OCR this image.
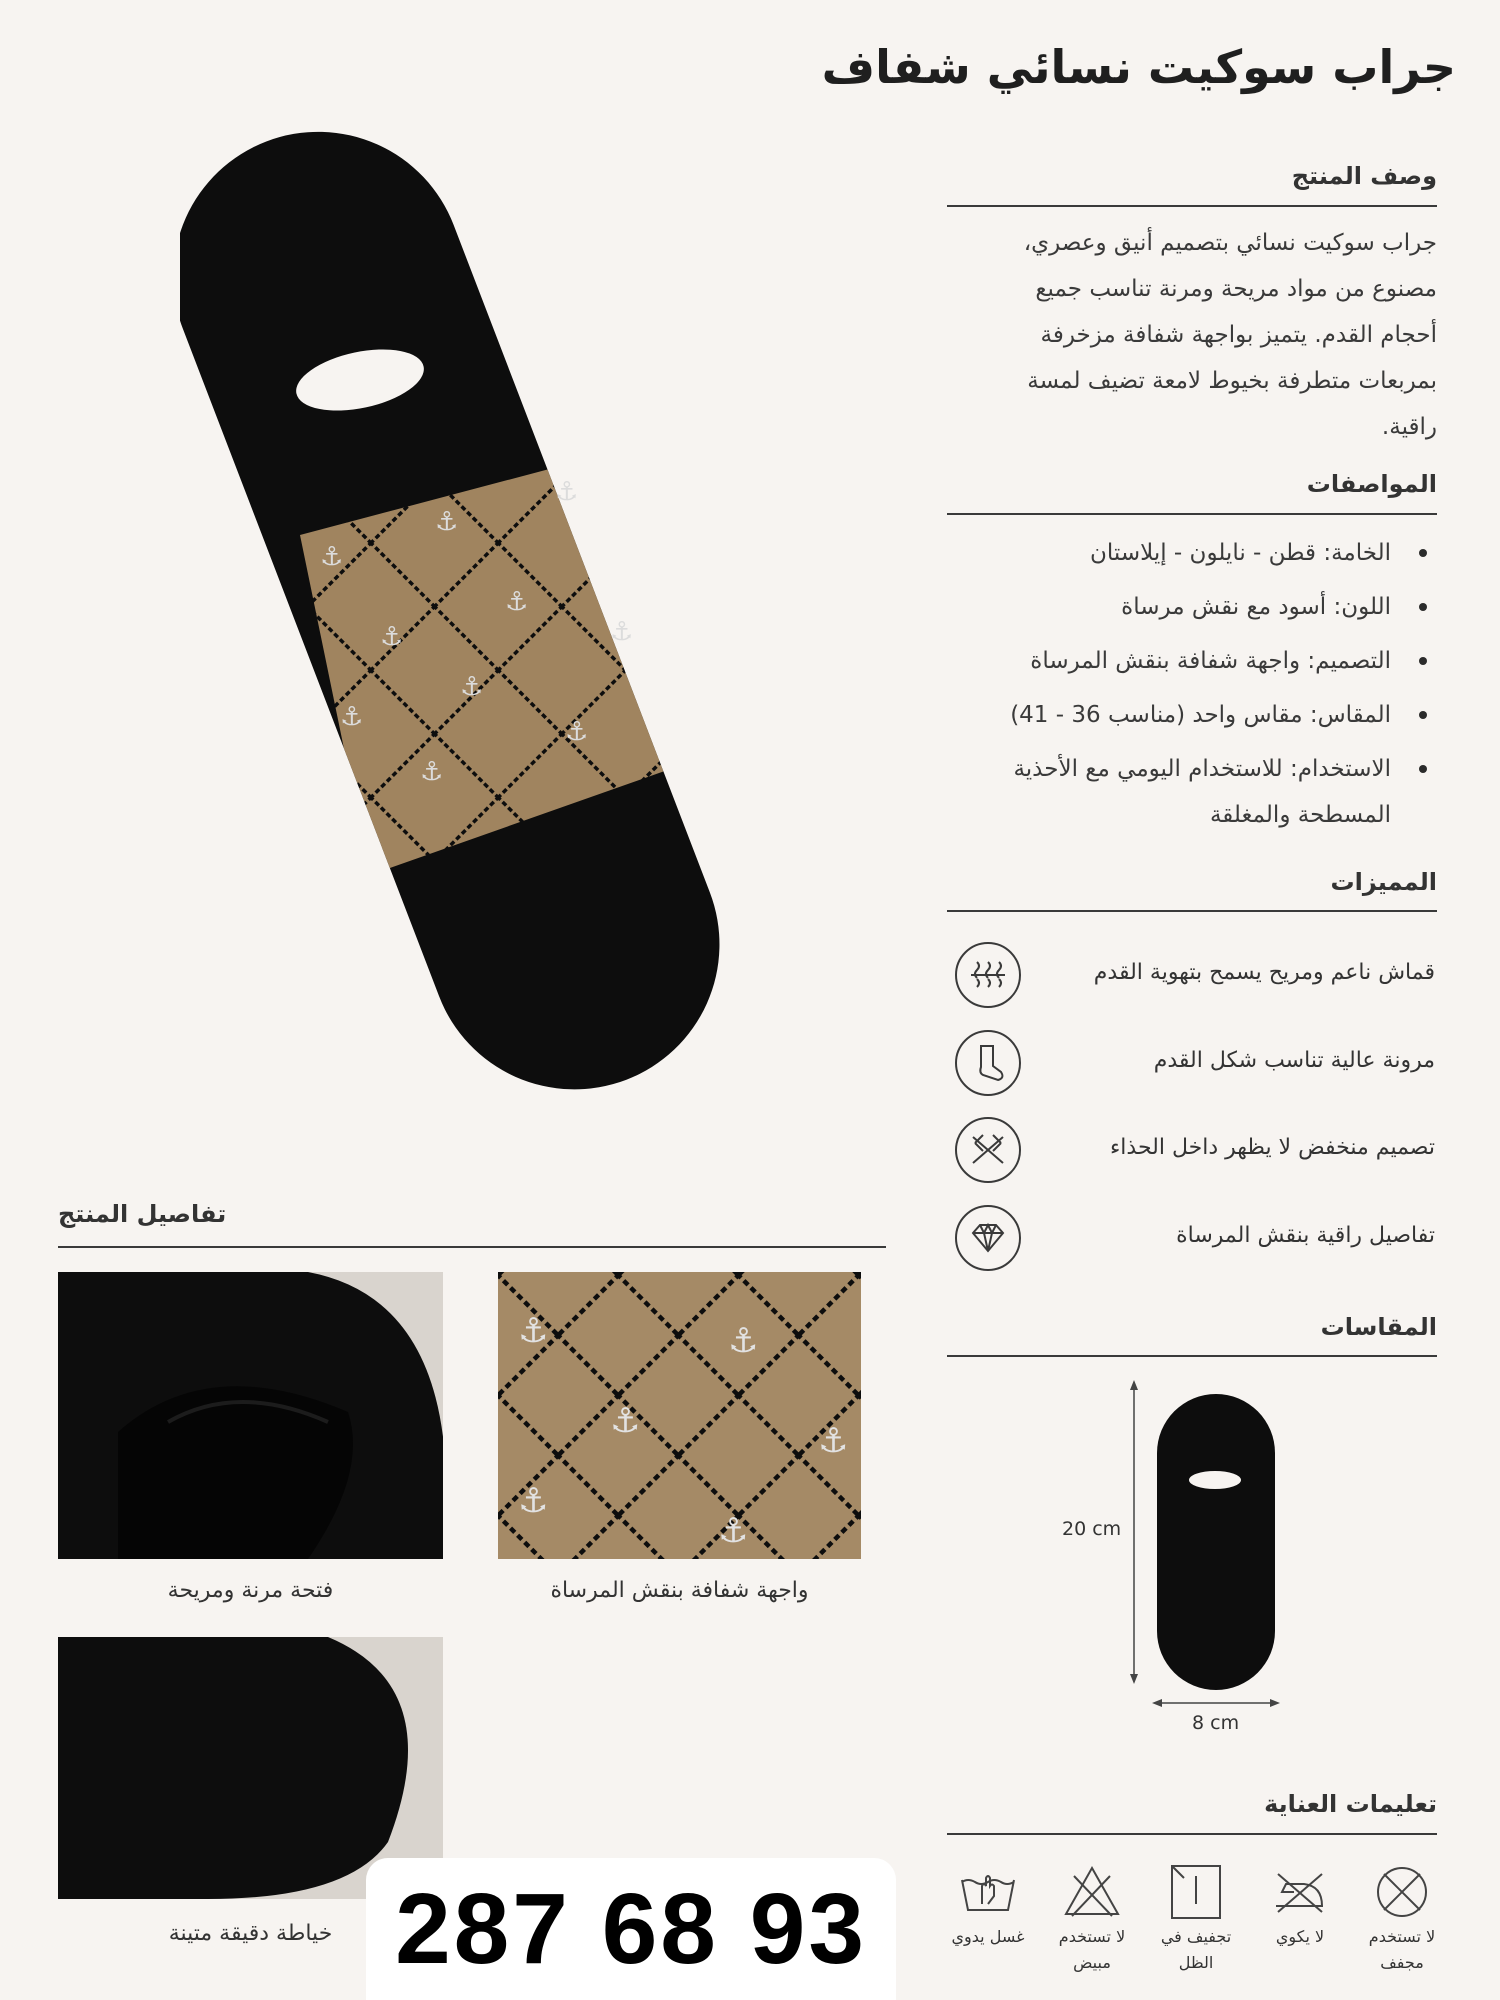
جراب سوكيت نسائي شفاف
⚓
⚓
⚓
⚓
⚓
⚓
⚓
⚓
⚓
⚓
وصف المنتج
جراب سوكيت نسائي بتصميم أنيق وعصري،
مصنوع من مواد مريحة ومرنة تناسب جميع
أحجام القدم. يتميز بواجهة شفافة مزخرفة
بمربعات متطرفة بخيوط لامعة تضيف لمسة
راقية.
المواصفات
الخامة: قطن - نايلون - إيلاستان
اللون: أسود مع نقش مرساة
التصميم: واجهة شفافة بنقش المرساة
المقاس: مقاس واحد (مناسب 36 - 41)
الاستخدام: للاستخدام اليومي مع الأحذية
المسطحة والمغلقة
المميزات
قماش ناعم ومريح يسمح بتهوية القدم
مرونة عالية تناسب شكل القدم
تصميم منخفض لا يظهر داخل الحذاء
تفاصيل راقية بنقش المرساة
المقاسات
20 cm
8 cm
تفاصيل المنتج
⚓	⚓
⚓	⚓
⚓
⚓
واجهة شفافة بنقش المرساة
فتحة مرنة ومريحة
خياطة دقيقة متينة
تعليمات العناية
لا تستخدم
مجفف
لا يكوي
تجفيف في
الظل
لا تستخدم
مبيض
غسل يدوي
287 68 93
